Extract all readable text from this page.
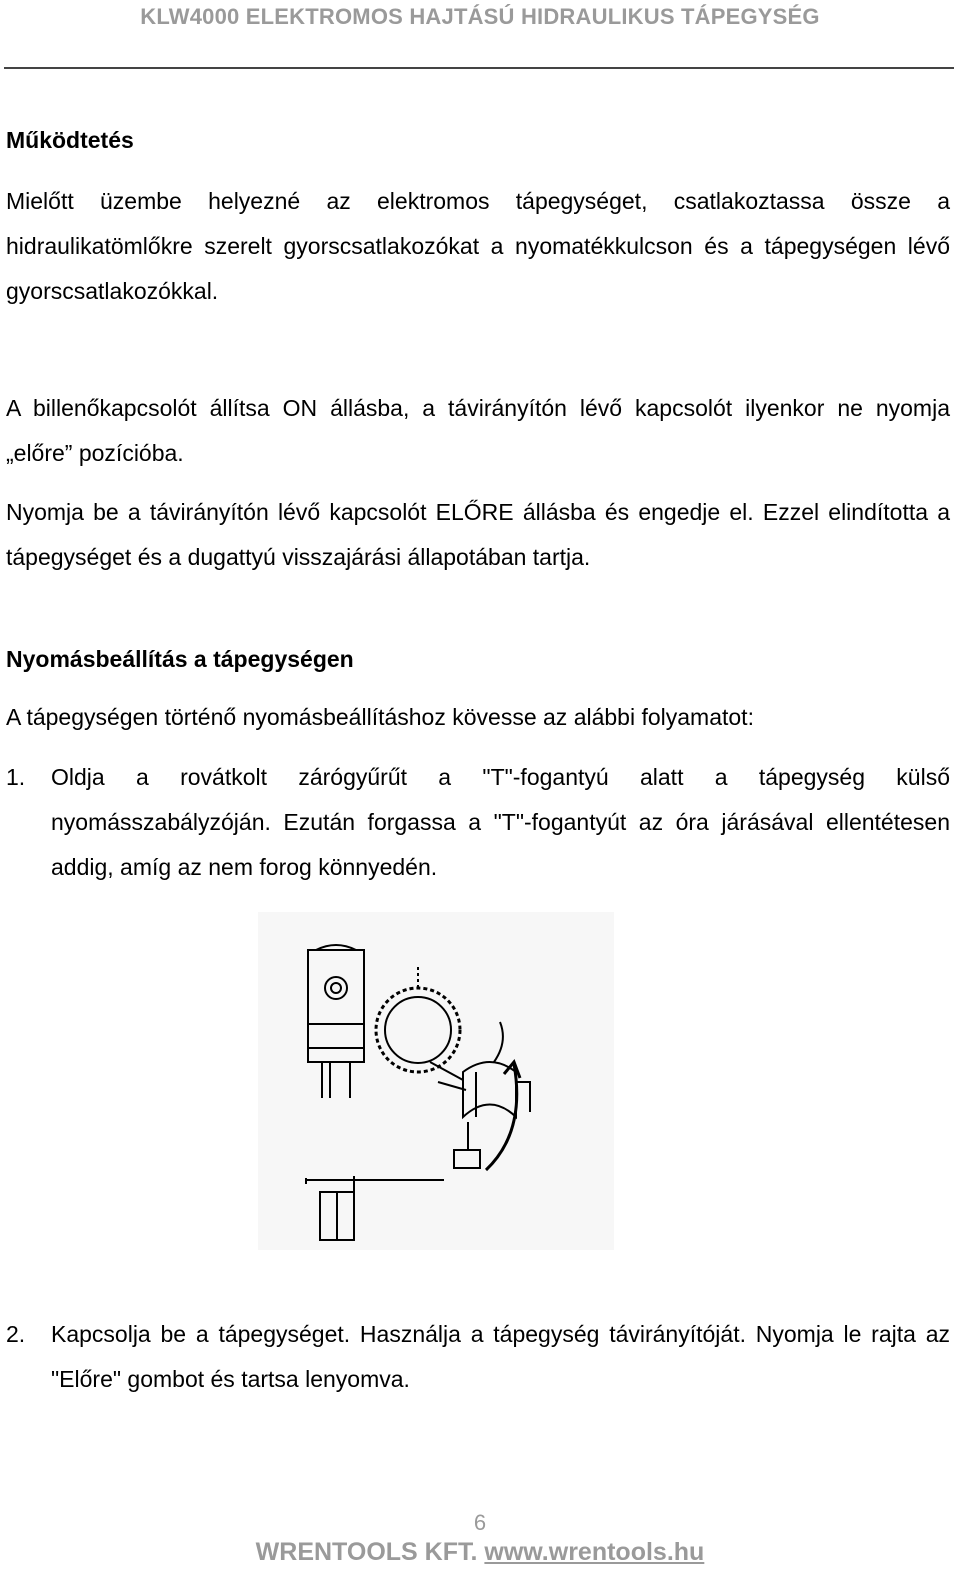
KLW4000 ELEKTROMOS HAJTÁSÚ HIDRAULIKUS TÁPEGYSÉG
Működtetés

Mielőtt üzembe helyezné az elektromos tápegységet, csatlakoztassa össze a hidraulikatömlőkre szerelt gyorscsatlakozókat a nyomatékkulcson és a tápegységen lévő gyorscsatlakozókkal.

A billenőkapcsolót állítsa ON állásba, a távirányítón lévő kapcsolót ilyenkor ne nyomja „előre” pozícióba.

Nyomja be a távirányítón lévő kapcsolót ELŐRE állásba és engedje el. Ezzel elindította a tápegységet és a dugattyú visszajárási állapotában tartja.

Nyomásbeállítás a tápegységen
A tápegységen történő nyomásbeállításhoz kövesse az alábbi folyamatot:
1. Oldja a rovátkolt zárógyűrűt a "T"-fogantyú alatt a tápegység külső nyomásszabályzóján. Ezután forgassa a "T"-fogantyút az óra járásával ellentétesen addig, amíg az nem forog könnyedén.

2. Kapcsolja be a tápegységet. Használja a tápegység távirányítóját. Nyomja le rajta az "Előre" gombot és tartsa lenyomva.

6
WRENTOOLS KFT. www.wrentools.hu
